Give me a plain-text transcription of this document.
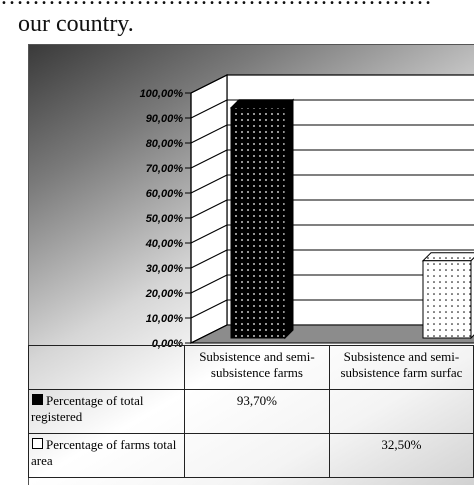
our country.
0,00%
10,00%
20,00%
30,00%
40,00%
50,00%
60,00%
70,00%
80,00%
90,00%
100,00%
	Subsistence and semi-
subsistence farms	Subsistence and semi-
subsistence farm surfac
Percentage of total
registered	93,70%	
Percentage of farms total
area		32,50%
